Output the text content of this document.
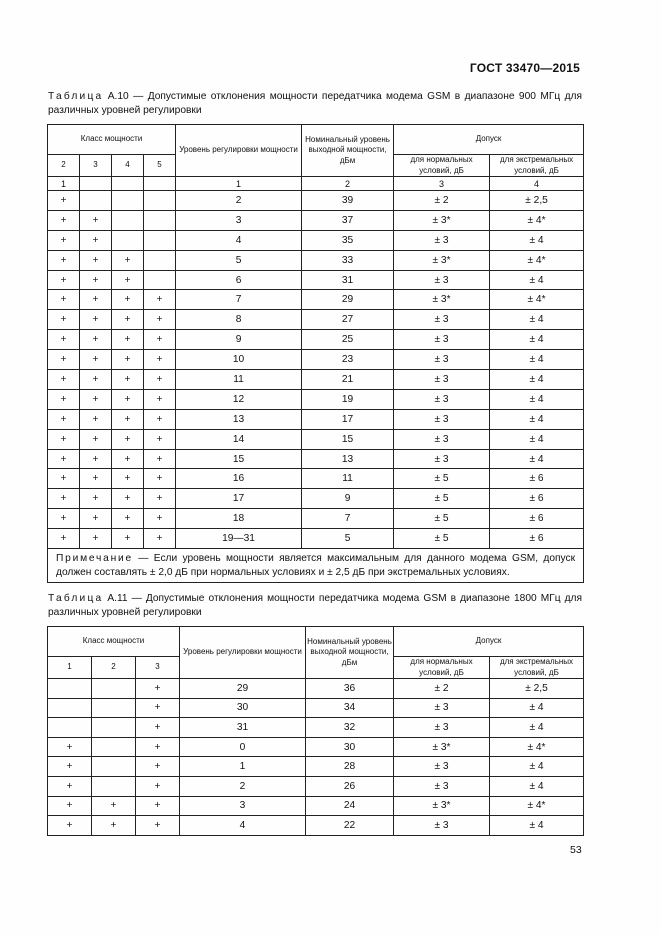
ГОСТ 33470—2015
Таблица А.10 — Допустимые отклонения мощности передатчика модема GSM в диапазоне 900 МГц для различных уровней регулировки
Класс мощности				Уровень регулировки мощности	Номинальный уровень выходной мощности, дБм	Допуск	
2	3	4	5			для нормальных условий, дБ	для экстремальных условий, дБ
1				1	2	3	4
+				2	39	± 2	± 2,5
+	+			3	37	± 3*	± 4*
+	+			4	35	± 3	± 4
+	+	+		5	33	± 3*	± 4*
+	+	+		6	31	± 3	± 4
+	+	+	+	7	29	± 3*	± 4*
+	+	+	+	8	27	± 3	± 4
+	+	+	+	9	25	± 3	± 4
+	+	+	+	10	23	± 3	± 4
+	+	+	+	11	21	± 3	± 4
+	+	+	+	12	19	± 3	± 4
+	+	+	+	13	17	± 3	± 4
+	+	+	+	14	15	± 3	± 4
+	+	+	+	15	13	± 3	± 4
+	+	+	+	16	11	± 5	± 6
+	+	+	+	17	9	± 5	± 6
+	+	+	+	18	7	± 5	± 6
+	+	+	+	19—31	5	± 5	± 6
Примечание — Если уровень мощности является максимальным для данного модема GSM, допуск должен составлять ± 2,0 дБ при нормальных условиях и ± 2,5 дБ при экстремальных условиях.							
Таблица А.11 — Допустимые отклонения мощности передатчика модема GSM в диапазоне 1800 МГц для различных уровней регулировки
Класс мощности			Уровень регулировки мощности	Номинальный уровень выходной мощности, дБм	Допуск	
1	2	3			для нормальных условий, дБ	для экстремальных условий, дБ
		+	29	36	± 2	± 2,5
		+	30	34	± 3	± 4
		+	31	32	± 3	± 4
+		+	0	30	± 3*	± 4*
+		+	1	28	± 3	± 4
+		+	2	26	± 3	± 4
+	+	+	3	24	± 3*	± 4*
+	+	+	4	22	± 3	± 4
53
